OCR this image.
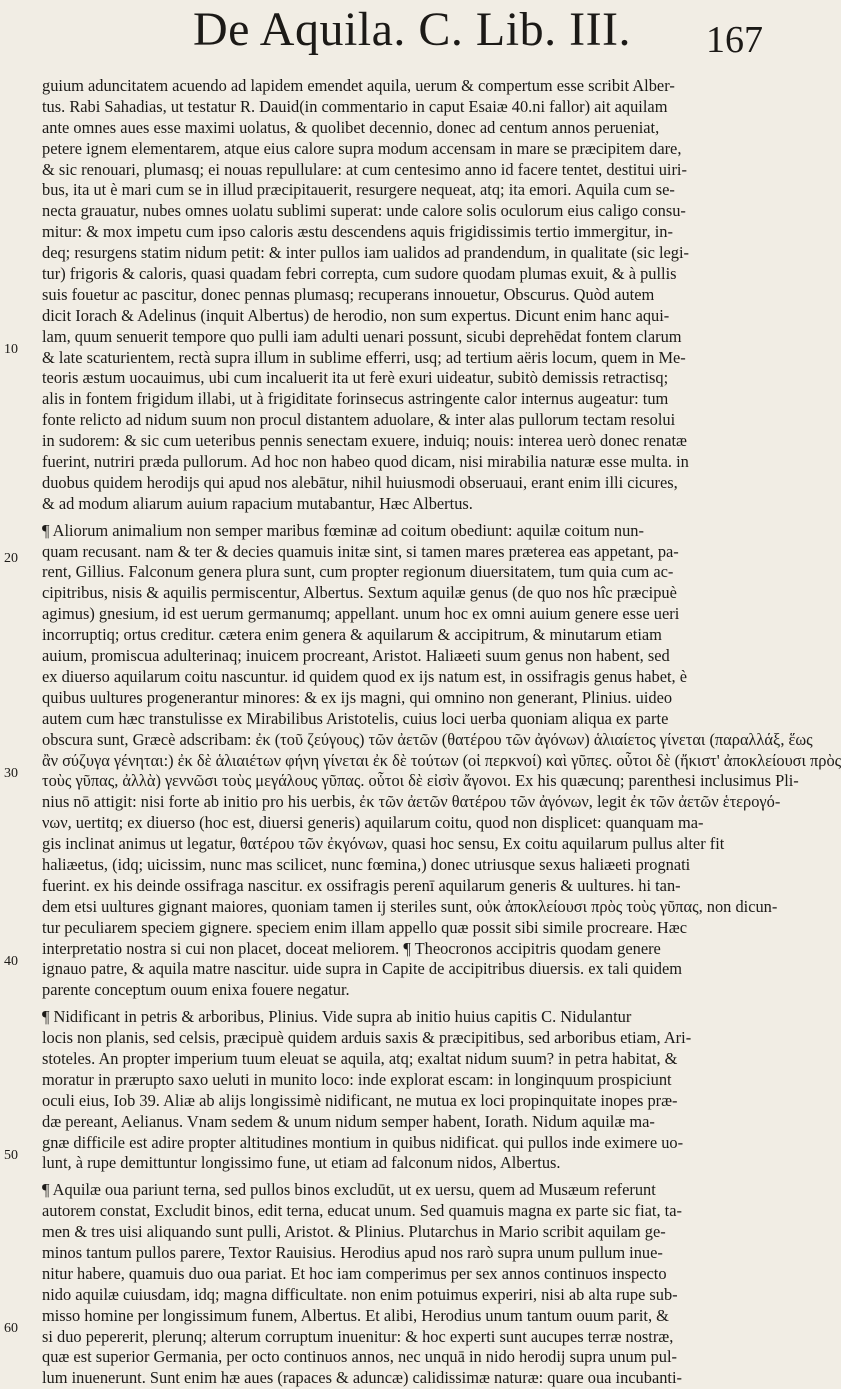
De Aquila. C. Lib. III.	167
guium aduncitatem acuendo ad lapidem emendet aquila, uerum & compertum esse scribit Alber-
tus. Rabi Sahadias, ut testatur R. Dauid(in commentario in caput Esaiæ 40.ni fallor) ait aquilam
ante omnes aues esse maximi uolatus, & quolibet decennio, donec ad centum annos perueniat,
petere ignem elementarem, atque eius calore supra modum accensam in mare se præcipitem dare,
& sic renouari, plumasq; ei nouas repullulare: at cum centesimo anno id facere tentet, destitui uiri-
bus, ita ut è mari cum se in illud præcipitauerit, resurgere nequeat, atq; ita emori. Aquila cum se-
necta grauatur, nubes omnes uolatu sublimi superat: unde calore solis oculorum eius caligo consu-
mitur: & mox impetu cum ipso caloris æstu descendens aquis frigidissimis tertio immergitur, in-
deq; resurgens statim nidum petit: & inter pullos iam ualidos ad prandendum, in qualitate (sic legi-
tur) frigoris & caloris, quasi quadam febri correpta, cum sudore quodam plumas exuit, & à pullis
suis fouetur ac pascitur, donec pennas plumasq; recuperans innouetur, Obscurus. Quòd autem
dicit Iorach & Adelinus (inquit Albertus) de herodio, non sum expertus. Dicunt enim hanc aqui-
lam, quum senuerit tempore quo pulli iam adulti uenari possunt, sicubi deprehēdat fontem clarum
& late scaturientem, rectà supra illum in sublime efferri, usq; ad tertium aëris locum, quem in Me-
teoris æstum uocauimus, ubi cum incaluerit ita ut ferè exuri uideatur, subitò demissis retractisq;
alis in fontem frigidum illabi, ut à frigiditate forinsecus astringente calor internus augeatur: tum
fonte relicto ad nidum suum non procul distantem aduolare, & inter alas pullorum tectam resolui
in sudorem: & sic cum ueteribus pennis senectam exuere, induiq; nouis: interea uerò donec renatæ
fuerint, nutriri præda pullorum. Ad hoc non habeo quod dicam, nisi mirabilia naturæ esse multa. in
duobus quidem herodijs qui apud nos alebātur, nihil huiusmodi obseruaui, erant enim illi cicures,
& ad modum aliarum auium rapacium mutabantur, Hæc Albertus.
¶ Aliorum animalium non semper maribus fœminæ ad coitum obediunt: aquilæ coitum nun-
quam recusant. nam & ter & decies quamuis initæ sint, si tamen mares præterea eas appetant, pa-
rent, Gillius. Falconum genera plura sunt, cum propter regionum diuersitatem, tum quia cum ac-
cipitribus, nisis & aquilis permiscentur, Albertus. Sextum aquilæ genus (de quo nos hîc præcipuè
agimus) gnesium, id est uerum germanumq; appellant. unum hoc ex omni auium genere esse ueri
incorruptiq; ortus creditur. cætera enim genera & aquilarum & accipitrum, & minutarum etiam
auium, promiscua adulterinaq; inuicem procreant, Aristot. Haliæeti suum genus non habent, sed
ex diuerso aquilarum coitu nascuntur. id quidem quod ex ijs natum est, in ossifragis genus habet, è
quibus uultures progenerantur minores: & ex ijs magni, qui omnino non generant, Plinius. uideo
autem cum hæc transtulisse ex Mirabilibus Aristotelis, cuius loci uerba quoniam aliqua ex parte
obscura sunt, Græcè adscribam: ἐκ (τοῦ ζεύγους) τῶν ἀετῶν (θατέρου τῶν ἀγόνων) ἁλιαίετος γίνεται (παραλλάξ, ἕως
ἂν σύζυγα γένηται:) ἐκ δὲ ἁλιαιέτων φήνη γίνεται ἐκ δὲ τούτων (οἱ περκνοί) καὶ γῦπες. οὗτοι δὲ (ἤκιστ' ἀποκλείουσι πρὸς
τοὺς γῦπας, ἀλλὰ) γεννῶσι τοὺς μεγάλους γῦπας. οὗτοι δὲ εἰσὶν ἄγονοι. Ex his quæcunq; parenthesi inclusimus Pli-
nius nō attigit: nisi forte ab initio pro his uerbis, ἐκ τῶν ἀετῶν θατέρου τῶν ἀγόνων, legit ἐκ τῶν ἀετῶν ἑτερογό-
νων, uertitq; ex diuerso (hoc est, diuersi generis) aquilarum coitu, quod non displicet: quanquam ma-
gis inclinat animus ut legatur, θατέρου τῶν ἐκγόνων, quasi hoc sensu, Ex coitu aquilarum pullus alter fit
haliæetus, (idq; uicissim, nunc mas scilicet, nunc fœmina,) donec utriusque sexus haliæeti prognati
fuerint. ex his deinde ossifraga nascitur. ex ossifragis perenī aquilarum generis & uultures. hi tan-
dem etsi uultures gignant maiores, quoniam tamen ij steriles sunt, οὐκ ἀποκλείουσι πρὸς τοὺς γῦπας, non dicun-
tur peculiarem speciem gignere. speciem enim illam appello quæ possit sibi simile procreare. Hæc
interpretatio nostra si cui non placet, doceat meliorem. ¶ Theocronos accipitris quodam genere
ignauo patre, & aquila matre nascitur. uide supra in Capite de accipitribus diuersis. ex tali quidem
parente conceptum ouum enixa fouere negatur.
¶ Nidificant in petris & arboribus, Plinius. Vide supra ab initio huius capitis C. Nidulantur
locis non planis, sed celsis, præcipuè quidem arduis saxis & præcipitibus, sed arboribus etiam, Ari-
stoteles. An propter imperium tuum eleuat se aquila, atq; exaltat nidum suum? in petra habitat, &
moratur in prærupto saxo ueluti in munito loco: inde explorat escam: in longinquum prospiciunt
oculi eius, Iob 39. Aliæ ab alijs longissimè nidificant, ne mutua ex loci propinquitate inopes præ-
dæ pereant, Aelianus. Vnam sedem & unum nidum semper habent, Iorath. Nidum aquilæ ma-
gnæ difficile est adire propter altitudines montium in quibus nidificat. qui pullos inde eximere uo-
lunt, à rupe demittuntur longissimo fune, ut etiam ad falconum nidos, Albertus.
¶ Aquilæ oua pariunt terna, sed pullos binos excludūt, ut ex uersu, quem ad Musæum referunt
autorem constat, Excludit binos, edit terna, educat unum. Sed quamuis magna ex parte sic fiat, ta-
men & tres uisi aliquando sunt pulli, Aristot. & Plinius. Plutarchus in Mario scribit aquilam ge-
minos tantum pullos parere, Textor Rauisius. Herodius apud nos rarò supra unum pullum inue-
nitur habere, quamuis duo oua pariat. Et hoc iam comperimus per sex annos continuos inspecto
nido aquilæ cuiusdam, idq; magna difficultate. non enim potuimus experiri, nisi ab alta rupe sub-
misso homine per longissimum funem, Albertus. Et alibi, Herodius unum tantum ouum parit, &
si duo pepererit, plerunq; alterum corruptum inuenitur: & hoc experti sunt aucupes terræ nostræ,
quæ est superior Germania, per octo continuos annos, nec unquā in nido herodij supra unum pul-
lum inuenerunt. Sunt enim hæ aues (rapaces & aduncæ) calidissimæ naturæ: quare oua incubanti-
10
20
30
40
50
60
